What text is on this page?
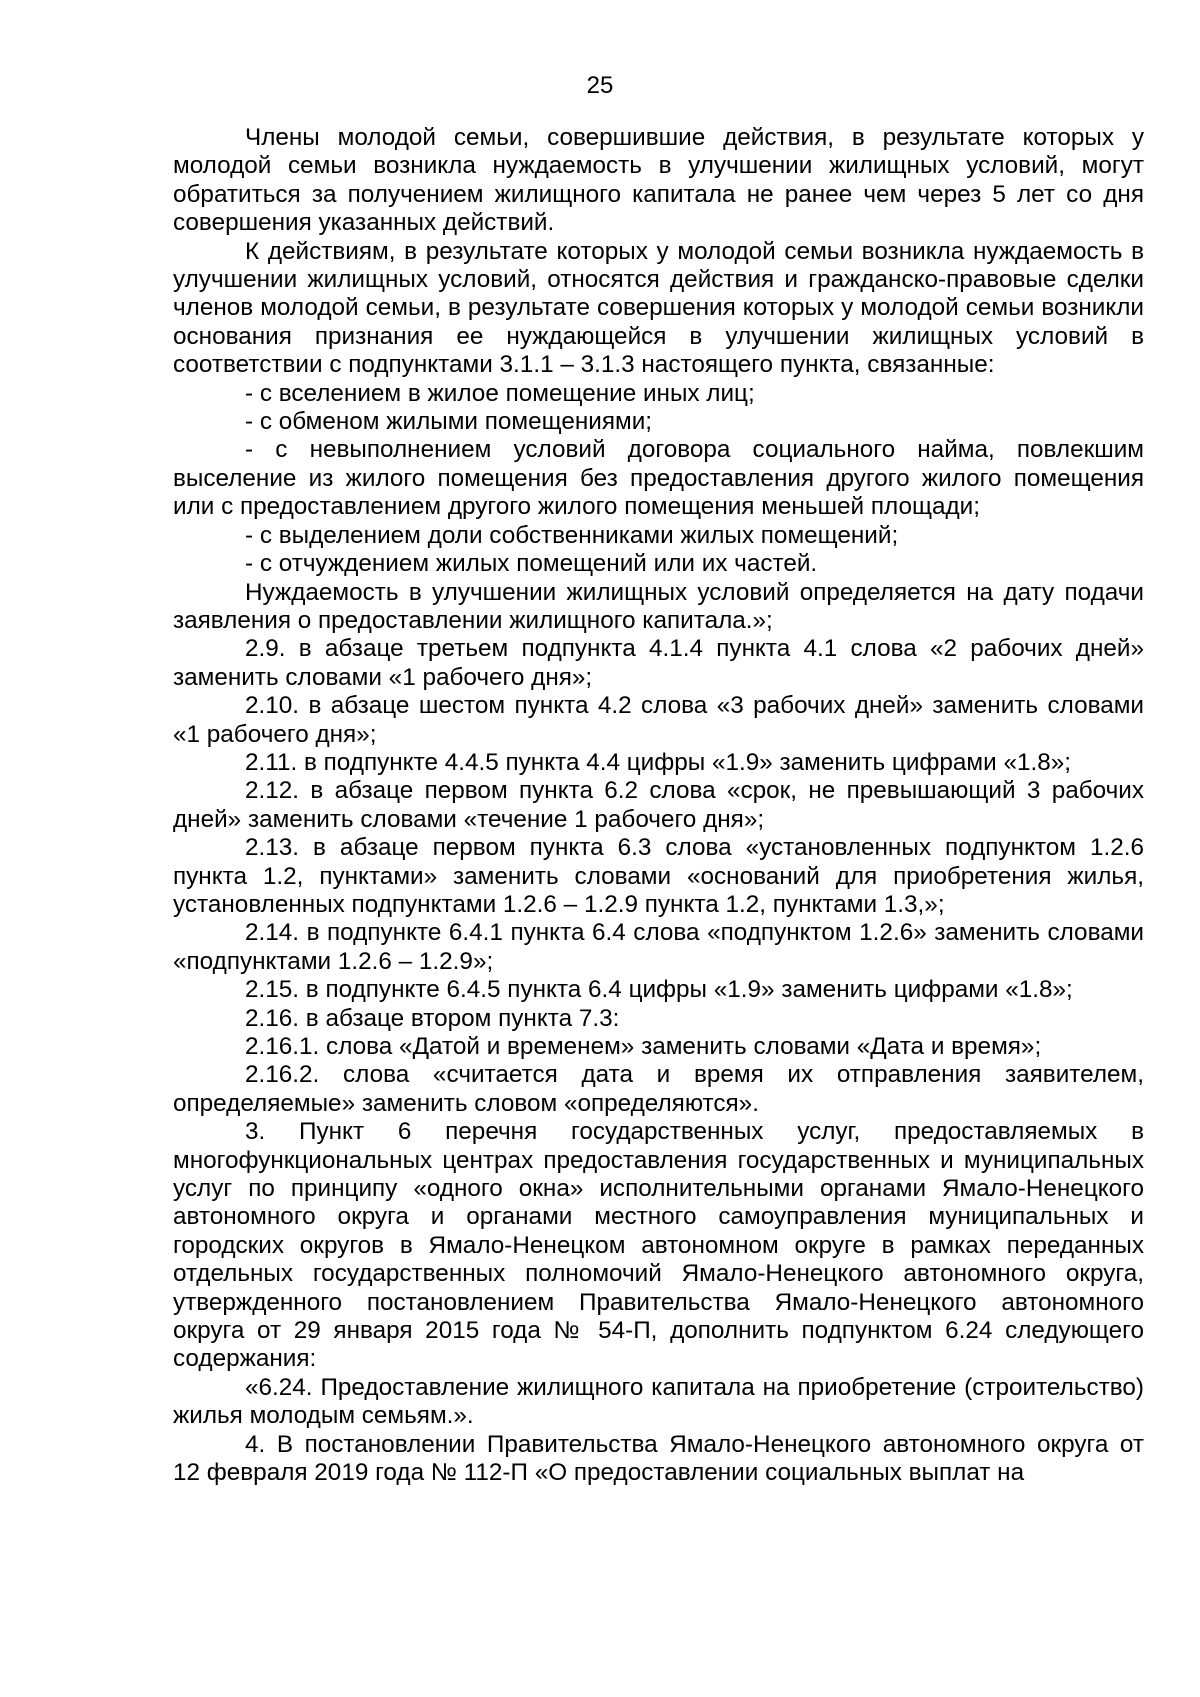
25

Члены молодой семьи, совершившие действия, в результате которых у молодой семьи возникла нуждаемость в улучшении жилищных условий, могут обратиться за получением жилищного капитала не ранее чем через 5 лет со дня совершения указанных действий.

К действиям, в результате которых у молодой семьи возникла нуждаемость в улучшении жилищных условий, относятся действия и гражданско-правовые сделки членов молодой семьи, в результате совершения которых у молодой семьи возникли основания признания ее нуждающейся в улучшении жилищных условий в соответствии с подпунктами 3.1.1 – 3.1.3 настоящего пункта, связанные:

- с вселением в жилое помещение иных лиц;

- с обменом жилыми помещениями;

- с невыполнением условий договора социального найма, повлекшим выселение из жилого помещения без предоставления другого жилого помещения или с предоставлением другого жилого помещения меньшей площади;

- с выделением доли собственниками жилых помещений;

- с отчуждением жилых помещений или их частей.

Нуждаемость в улучшении жилищных условий определяется на дату подачи заявления о предоставлении жилищного капитала.»;

2.9. в абзаце третьем подпункта 4.1.4 пункта 4.1 слова «2 рабочих дней» заменить словами «1 рабочего дня»;

2.10. в абзаце шестом пункта 4.2 слова «3 рабочих дней» заменить словами «1 рабочего дня»;

2.11. в подпункте 4.4.5 пункта 4.4 цифры «1.9» заменить цифрами «1.8»;

2.12. в абзаце первом пункта 6.2 слова «срок, не превышающий 3 рабочих дней» заменить словами «течение 1 рабочего дня»;

2.13. в абзаце первом пункта 6.3 слова «установленных подпунктом 1.2.6 пункта 1.2, пунктами» заменить словами «оснований для приобретения жилья, установленных подпунктами 1.2.6 – 1.2.9 пункта 1.2, пунктами 1.3,»;

2.14. в подпункте 6.4.1 пункта 6.4 слова «подпунктом 1.2.6» заменить словами «подпунктами 1.2.6 – 1.2.9»;

2.15. в подпункте 6.4.5 пункта 6.4 цифры «1.9» заменить цифрами «1.8»;

2.16. в абзаце втором пункта 7.3:

2.16.1. слова «Датой и временем» заменить словами «Дата и время»;

2.16.2. слова «считается дата и время их отправления заявителем, определяемые» заменить словом «определяются».

3. Пункт 6 перечня государственных услуг, предоставляемых в многофункциональных центрах предоставления государственных и муниципальных услуг по принципу «одного окна» исполнительными органами Ямало-Ненецкого автономного округа и органами местного самоуправления муниципальных и городских округов в Ямало-Ненецком автономном округе в рамках переданных отдельных государственных полномочий Ямало-Ненецкого автономного округа, утвержденного постановлением Правительства Ямало-Ненецкого автономного округа от 29 января 2015 года № 54-П, дополнить подпунктом 6.24 следующего содержания:

«6.24. Предоставление жилищного капитала на приобретение (строительство) жилья молодым семьям.».

4. В постановлении Правительства Ямало-Ненецкого автономного округа от 12 февраля 2019 года № 112-П «О предоставлении социальных выплат на
